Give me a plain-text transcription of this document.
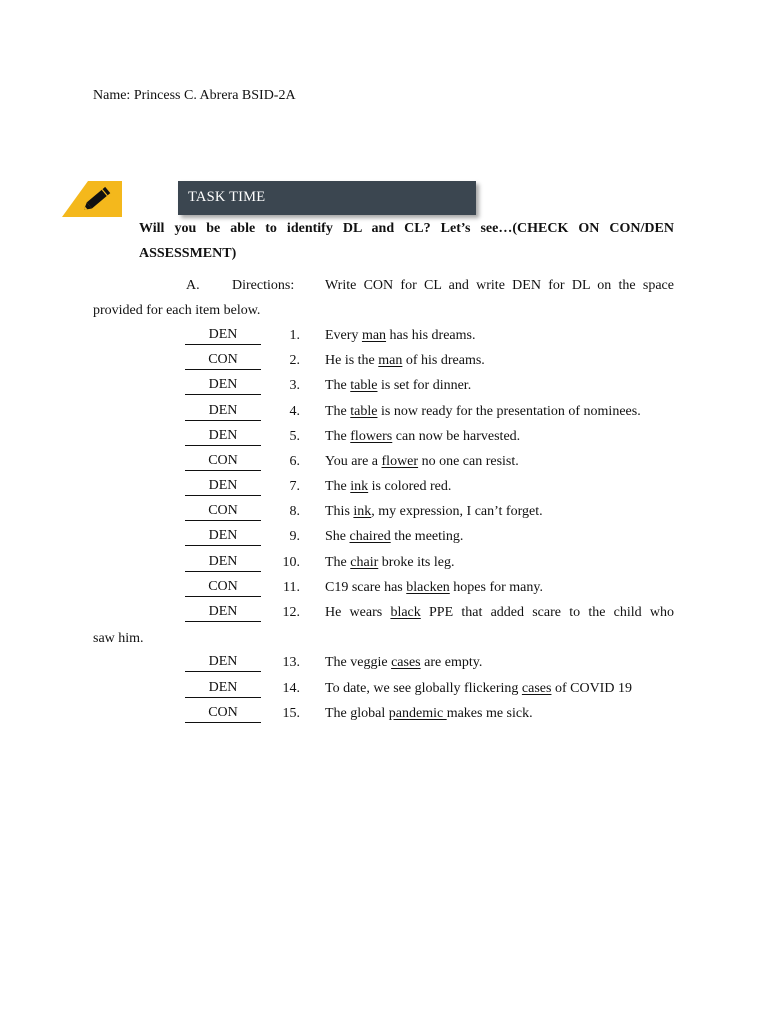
Name: Princess C. Abrera BSID-2A
TASK TIME
Will you be able to identify DL and CL? Let’s see…(CHECK ON CON/DEN ASSESSMENT)
A. Directions: Write CON for CL and write DEN for DL on the space
provided for each item below.
DEN	1. Every man has his dreams.
CON	2. He is the man of his dreams.
DEN	3. The table is set for dinner.
DEN	4. The table is now ready for the presentation of nominees.
DEN	5. The flowers can now be harvested.
CON	6. You are a flower no one can resist.
DEN	7. The ink is colored red.
CON	8. This ink, my expression, I can’t forget.
DEN	9. She chaired the meeting.
DEN	10. The chair broke its leg.
CON	11. C19 scare has blacken hopes for many.
DEN	12. He wears black PPE that added scare to the child who
saw him.
DEN	13. The veggie cases are empty.
DEN	14. To date, we see globally flickering cases of COVID 19
CON	15. The global pandemic makes me sick.
